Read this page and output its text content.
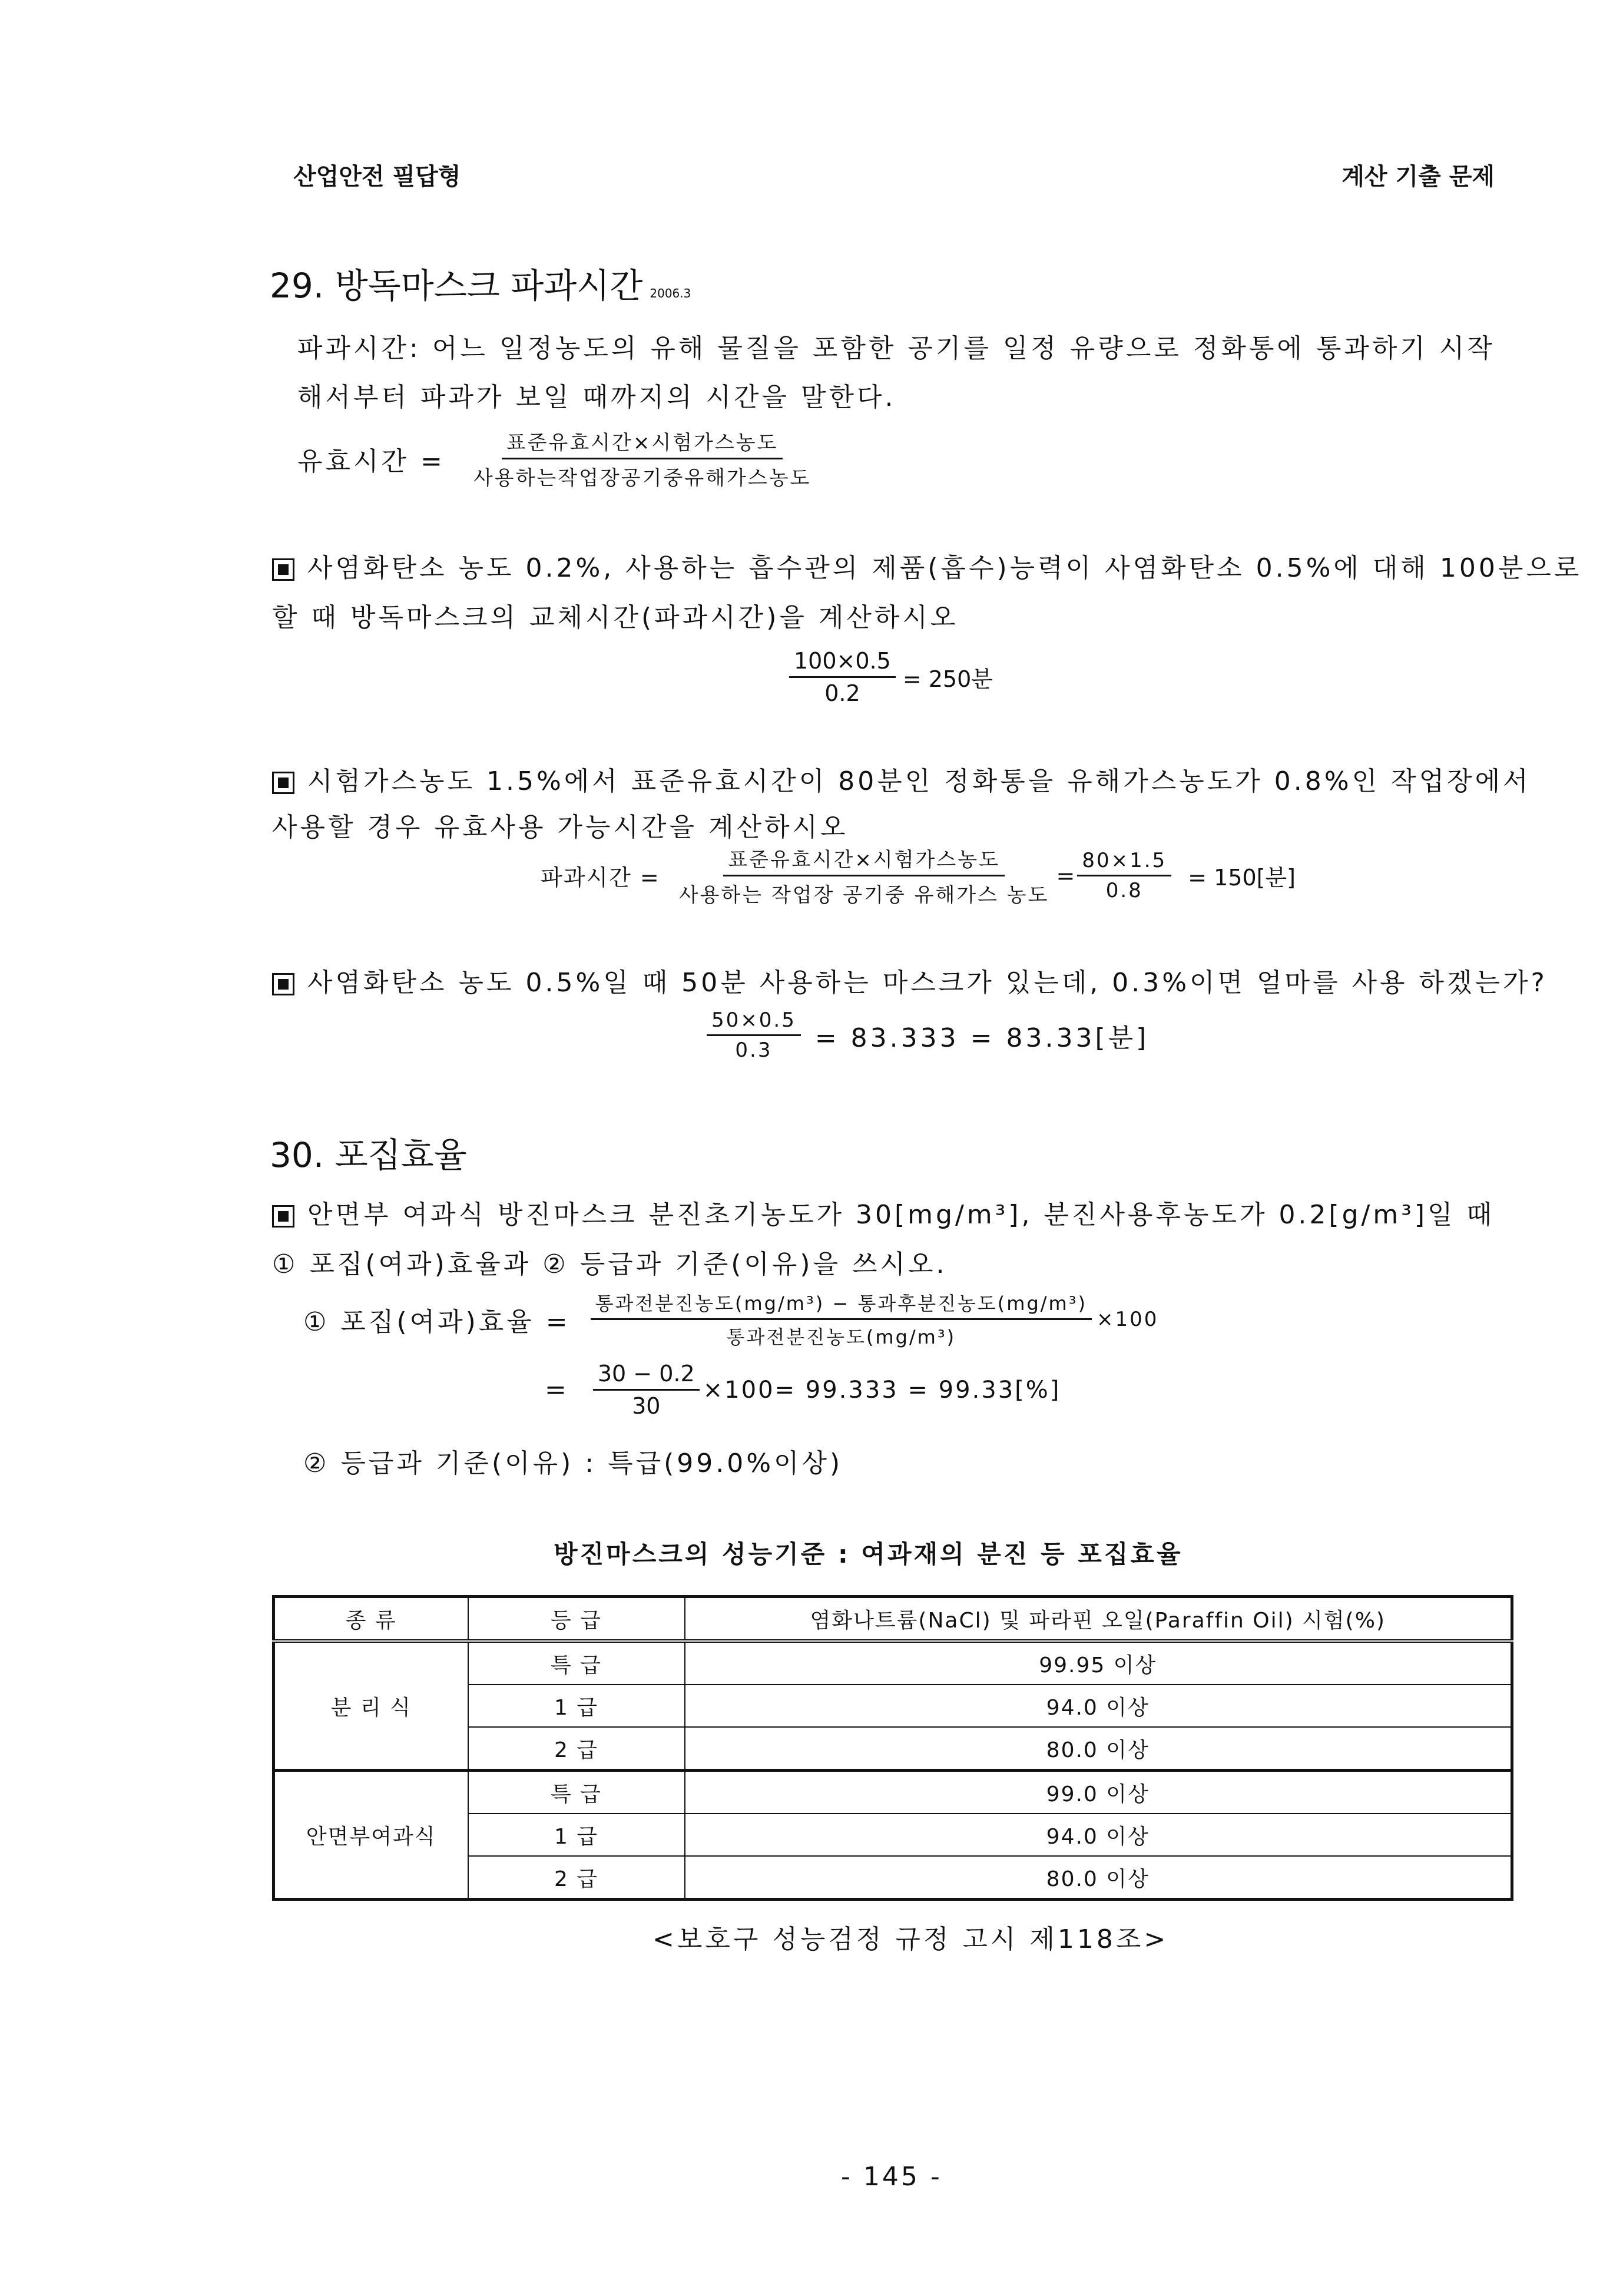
산업안전 필답형	계산 기출 문제
29. 방독마스크 파과시간 2006.3
파과시간: 어느 일정농도의 유해 물질을 포함한 공기를 일정 유량으로 정화통에 통과하기 시작
해서부터 파과가 보일 때까지의 시간을 말한다.
유효시간 = $\frac{\text{표준유효시간×시험가스농도}}{\text{사용하는작업장공기중유해가스농도}}$
사염화탄소 농도 0.2%, 사용하는 흡수관의 제품(흡수)능력이 사염화탄소 0.5%에 대해 100분으로
할 때 방독마스크의 교체시간(파과시간)을 계산하시오
$\frac{100\times 0.5}{0.2} = 250$분
시험가스농도 1.5%에서 표준유효시간이 80분인 정화통을 유해가스농도가 0.8%인 작업장에서
사용할 경우 유효사용 가능시간을 계산하시오
파과시간 = $\frac{\text{표준유효시간×시험가스농도}}{\text{사용하는 작업장 공기중 유해가스 농도}} = \frac{80\times 1.5}{0.8} = 150$[분]
사염화탄소 농도 0.5%일 때 50분 사용하는 마스크가 있는데, 0.3%이면 얼마를 사용 하겠는가?
$\frac{50\times 0.5}{0.3} = 83.333 = 83.33$[분]
30. 포집효율
안면부 여과식 방진마스크 분진초기농도가 30[mg/m³], 분진사용후농도가 0.2[g/m³]일 때
① 포집(여과)효율과 ② 등급과 기준(이유)을 쓰시오.
① 포집(여과)효율 = $\frac{\text{통과전분진농도(mg/m³) − 통과후분진농도(mg/m³)}}{\text{통과전분진농도(mg/m³)}} \times 100$
= $\frac{30 - 0.2}{30} \times 100= 99.333 = 99.33[\%]$
② 등급과 기준(이유) : 특급(99.0%이상)
방진마스크의 성능기준 : 여과재의 분진 등 포집효율
종 류	등 급	염화나트륨(NaCl) 및 파라핀 오일(Paraffin Oil) 시험(%)
분 리 식	특 급	99.95 이상
	1 급	94.0 이상
	2 급	80.0 이상
안면부여과식	특 급	99.0 이상
	1 급	94.0 이상
	2 급	80.0 이상
<보호구 성능검정 규정 고시 제118조>
- 145 -
